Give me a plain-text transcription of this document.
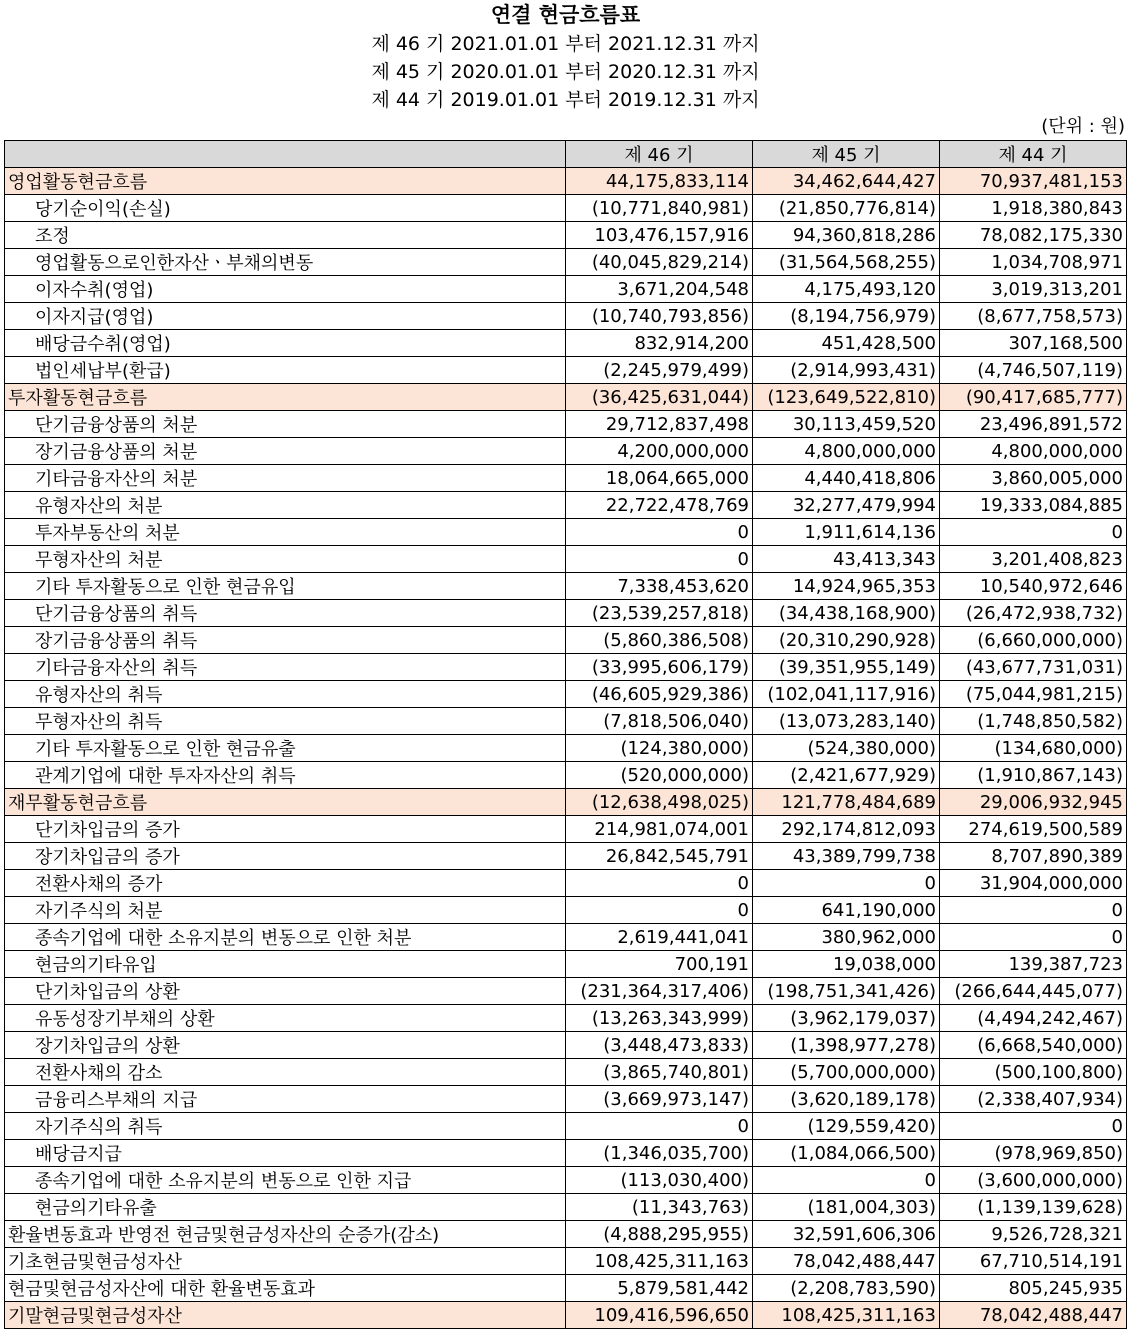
연결 현금흐름표
제 46 기 2021.01.01 부터 2021.12.31 까지
제 45 기 2020.01.01 부터 2020.12.31 까지
제 44 기 2019.01.01 부터 2019.12.31 까지
(단위 : 원)
	제 46 기	제 45 기	제 44 기
영업활동현금흐름	44,175,833,114	34,462,644,427	70,937,481,153
당기순이익(손실)	(10,771,840,981)	(21,850,776,814)	1,918,380,843
조정	103,476,157,916	94,360,818,286	78,082,175,330
영업활동으로인한자산ㆍ부채의변동	(40,045,829,214)	(31,564,568,255)	1,034,708,971
이자수취(영업)	3,671,204,548	4,175,493,120	3,019,313,201
이자지급(영업)	(10,740,793,856)	(8,194,756,979)	(8,677,758,573)
배당금수취(영업)	832,914,200	451,428,500	307,168,500
법인세납부(환급)	(2,245,979,499)	(2,914,993,431)	(4,746,507,119)
투자활동현금흐름	(36,425,631,044)	(123,649,522,810)	(90,417,685,777)
단기금융상품의 처분	29,712,837,498	30,113,459,520	23,496,891,572
장기금융상품의 처분	4,200,000,000	4,800,000,000	4,800,000,000
기타금융자산의 처분	18,064,665,000	4,440,418,806	3,860,005,000
유형자산의 처분	22,722,478,769	32,277,479,994	19,333,084,885
투자부동산의 처분	0	1,911,614,136	0
무형자산의 처분	0	43,413,343	3,201,408,823
기타 투자활동으로 인한 현금유입	7,338,453,620	14,924,965,353	10,540,972,646
단기금융상품의 취득	(23,539,257,818)	(34,438,168,900)	(26,472,938,732)
장기금융상품의 취득	(5,860,386,508)	(20,310,290,928)	(6,660,000,000)
기타금융자산의 취득	(33,995,606,179)	(39,351,955,149)	(43,677,731,031)
유형자산의 취득	(46,605,929,386)	(102,041,117,916)	(75,044,981,215)
무형자산의 취득	(7,818,506,040)	(13,073,283,140)	(1,748,850,582)
기타 투자활동으로 인한 현금유출	(124,380,000)	(524,380,000)	(134,680,000)
관계기업에 대한 투자자산의 취득	(520,000,000)	(2,421,677,929)	(1,910,867,143)
재무활동현금흐름	(12,638,498,025)	121,778,484,689	29,006,932,945
단기차입금의 증가	214,981,074,001	292,174,812,093	274,619,500,589
장기차입금의 증가	26,842,545,791	43,389,799,738	8,707,890,389
전환사채의 증가	0	0	31,904,000,000
자기주식의 처분	0	641,190,000	0
종속기업에 대한 소유지분의 변동으로 인한 처분	2,619,441,041	380,962,000	0
현금의기타유입	700,191	19,038,000	139,387,723
단기차입금의 상환	(231,364,317,406)	(198,751,341,426)	(266,644,445,077)
유동성장기부채의 상환	(13,263,343,999)	(3,962,179,037)	(4,494,242,467)
장기차입금의 상환	(3,448,473,833)	(1,398,977,278)	(6,668,540,000)
전환사채의 감소	(3,865,740,801)	(5,700,000,000)	(500,100,800)
금융리스부채의 지급	(3,669,973,147)	(3,620,189,178)	(2,338,407,934)
자기주식의 취득	0	(129,559,420)	0
배당금지급	(1,346,035,700)	(1,084,066,500)	(978,969,850)
종속기업에 대한 소유지분의 변동으로 인한 지급	(113,030,400)	0	(3,600,000,000)
현금의기타유출	(11,343,763)	(181,004,303)	(1,139,139,628)
환율변동효과 반영전 현금및현금성자산의 순증가(감소)	(4,888,295,955)	32,591,606,306	9,526,728,321
기초현금및현금성자산	108,425,311,163	78,042,488,447	67,710,514,191
현금및현금성자산에 대한 환율변동효과	5,879,581,442	(2,208,783,590)	805,245,935
기말현금및현금성자산	109,416,596,650	108,425,311,163	78,042,488,447
